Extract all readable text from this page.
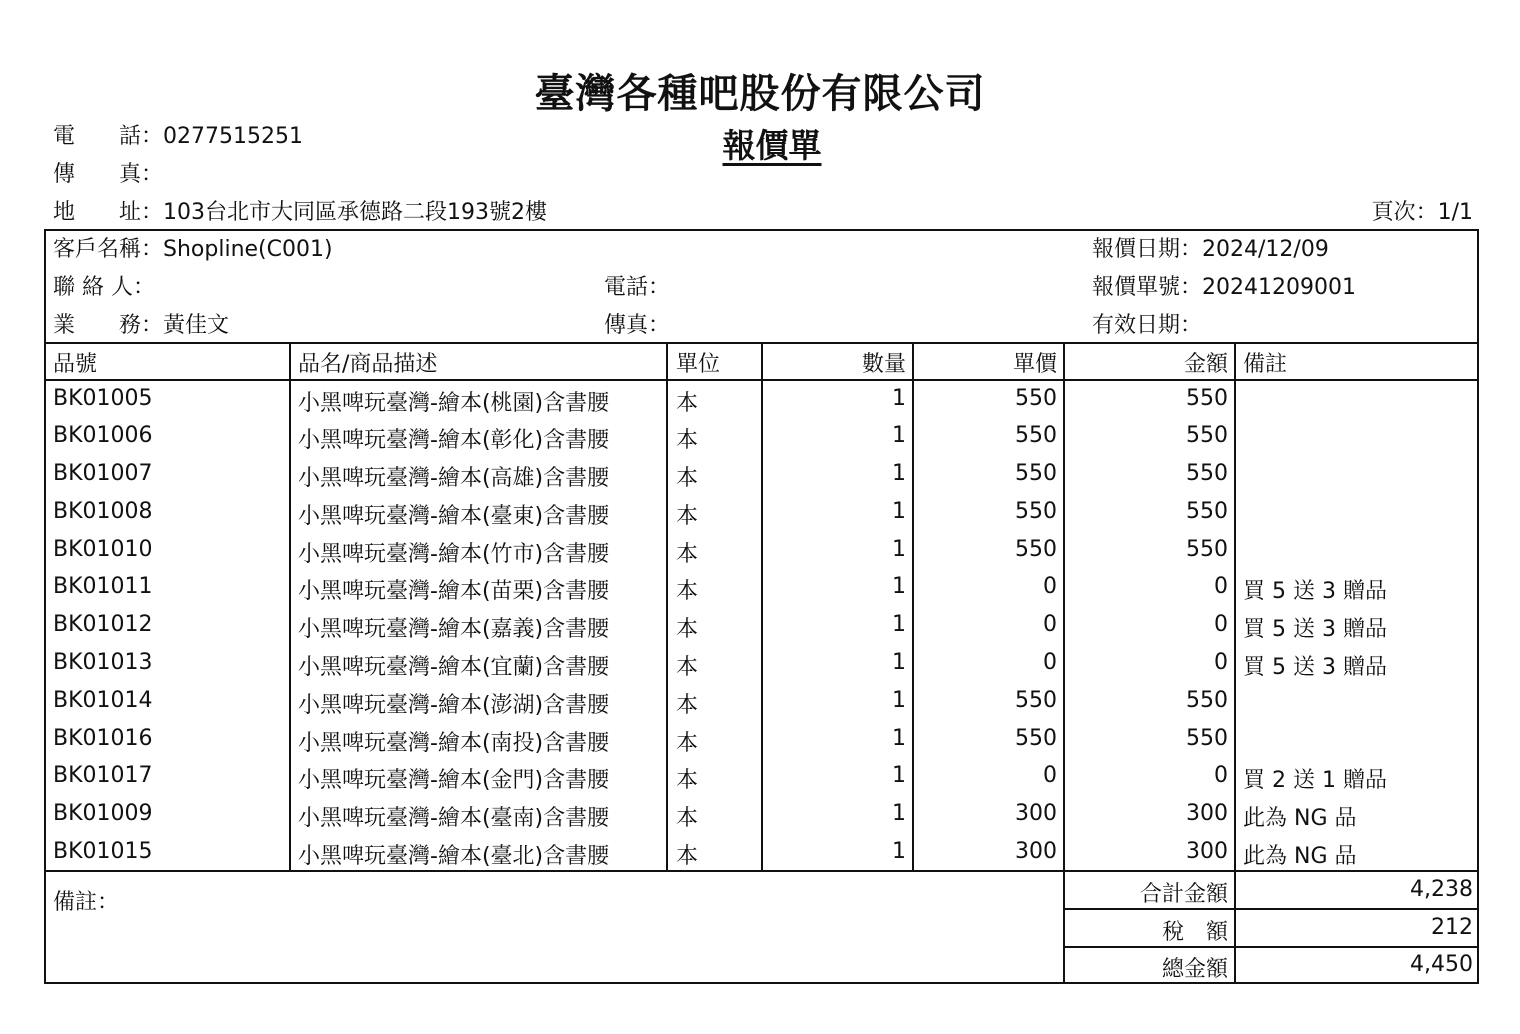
臺灣各種吧股份有限公司
報價單
電　　話：0277515251
傳　　真：
地　　址：103台北市大同區承德路二段193號2樓	頁次：1/1
客戶名稱：Shopline(C001)
聯 絡 人：
業　　務：黃佳文
電話：
傳真：
報價日期：2024/12/09
報價單號：20241209001
有效日期：
品號	品名/商品描述	單位	數量	單價	金額 備註
BK01005	小黑啤玩臺灣-繪本(桃園)含書腰	本	1	550	550
BK01006	小黑啤玩臺灣-繪本(彰化)含書腰	本	1	550	550
BK01007	小黑啤玩臺灣-繪本(高雄)含書腰	本	1	550	550
BK01008	小黑啤玩臺灣-繪本(臺東)含書腰	本	1	550	550
BK01010	小黑啤玩臺灣-繪本(竹市)含書腰	本	1	550	550
BK01011	小黑啤玩臺灣-繪本(苗栗)含書腰	本	1	0	0 買 5 送 3 贈品
BK01012	小黑啤玩臺灣-繪本(嘉義)含書腰	本	1	0	0 買 5 送 3 贈品
BK01013	小黑啤玩臺灣-繪本(宜蘭)含書腰	本	1	0	0 買 5 送 3 贈品
BK01014	小黑啤玩臺灣-繪本(澎湖)含書腰	本	1	550	550
BK01016	小黑啤玩臺灣-繪本(南投)含書腰	本	1	550	550
BK01017	小黑啤玩臺灣-繪本(金門)含書腰	本	1	0	0 買 2 送 1 贈品
BK01009	小黑啤玩臺灣-繪本(臺南)含書腰	本	1	300	300 此為 NG 品
BK01015	小黑啤玩臺灣-繪本(臺北)含書腰	本	1	300	300 此為 NG 品
備註：	合計金額	4,238
稅　額	212
總金額	4,450
